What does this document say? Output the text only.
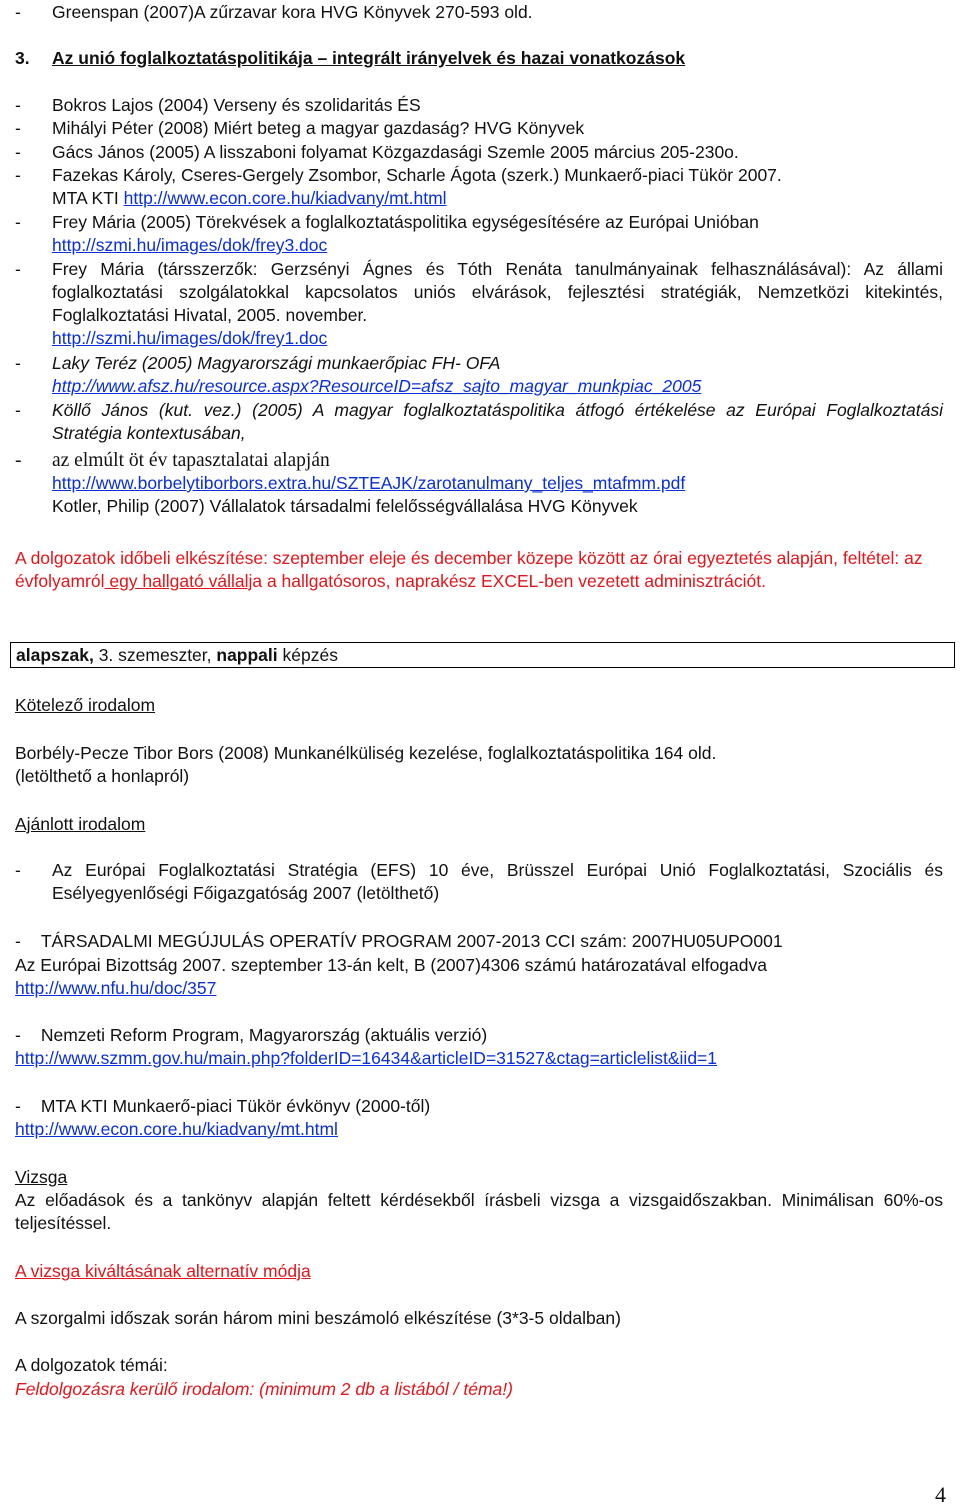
- Greenspan (2007)A zűrzavar kora HVG Könyvek 270-593 old.
3. Az unió foglalkoztatáspolitikája – integrált irányelvek és hazai vonatkozások
- Bokros Lajos (2004) Verseny és szolidaritás ÉS
- Mihályi Péter (2008) Miért beteg a magyar gazdaság? HVG Könyvek
- Gács János (2005) A lisszaboni folyamat Közgazdasági Szemle 2005 március 205-230o.
- Fazekas Károly, Cseres-Gergely Zsombor, Scharle Ágota (szerk.) Munkaerő-piaci Tükör 2007.
MTA KTI http://www.econ.core.hu/kiadvany/mt.html
- Frey Mária (2005) Törekvések a foglalkoztatáspolitika egységesítésére az Európai Unióban
http://szmi.hu/images/dok/frey3.doc
- Frey Mária (társszerzők: Gerzsényi Ágnes és Tóth Renáta tanulmányainak felhasználásával): Az állami foglalkoztatási szolgálatokkal kapcsolatos uniós elvárások, fejlesztési stratégiák, Nemzetközi kitekintés, Foglalkoztatási Hivatal, 2005. november.
http://szmi.hu/images/dok/frey1.doc
- Laky Teréz (2005) Magyarországi munkaerőpiac FH- OFA
http://www.afsz.hu/resource.aspx?ResourceID=afsz_sajto_magyar_munkpiac_2005
- Köllő János (kut. vez.) (2005) A magyar foglalkoztatáspolitika átfogó értékelése az Európai Foglalkoztatási Stratégia kontextusában,
- az elmúlt öt év tapasztalatai alapján
http://www.borbelytiborbors.extra.hu/SZTEAJK/zarotanulmany_teljes_mtafmm.pdf
Kotler, Philip (2007) Vállalatok társadalmi felelősségvállalása HVG Könyvek
A dolgozatok időbeli elkészítése: szeptember eleje és december közepe között az órai egyeztetés alapján, feltétel: az évfolyamról egy hallgató vállalja a hallgatósoros, naprakész EXCEL-ben vezetett adminisztrációt.
alapszak, 3. szemeszter, nappali képzés
Kötelező irodalom
Borbély-Pecze Tibor Bors (2008) Munkanélküliség kezelése, foglalkoztatáspolitika 164 old.
(letölthető a honlapról)
Ajánlott irodalom
- Az Európai Foglalkoztatási Stratégia (EFS) 10 éve, Brüsszel Európai Unió Foglalkoztatási, Szociális és Esélyegyenlőségi Főigazgatóság 2007 (letölthető)
- TÁRSADALMI MEGÚJULÁS OPERATÍV PROGRAM 2007-2013 CCI szám: 2007HU05UPO001
Az Európai Bizottság 2007. szeptember 13-án kelt, B (2007)4306 számú határozatával elfogadva
http://www.nfu.hu/doc/357
- Nemzeti Reform Program, Magyarország (aktuális verzió)
http://www.szmm.gov.hu/main.php?folderID=16434&articleID=31527&ctag=articlelist&iid=1
- MTA KTI Munkaerő-piaci Tükör évkönyv (2000-től)
http://www.econ.core.hu/kiadvany/mt.html
Vizsga
Az előadások és a tankönyv alapján feltett kérdésekből írásbeli vizsga a vizsgaidőszakban. Minimálisan 60%-os teljesítéssel.
A vizsga kiváltásának alternatív módja
A szorgalmi időszak során három mini beszámoló elkészítése (3*3-5 oldalban)
A dolgozatok témái:
Feldolgozásra kerülő irodalom: (minimum 2 db a listából / téma!)
4
